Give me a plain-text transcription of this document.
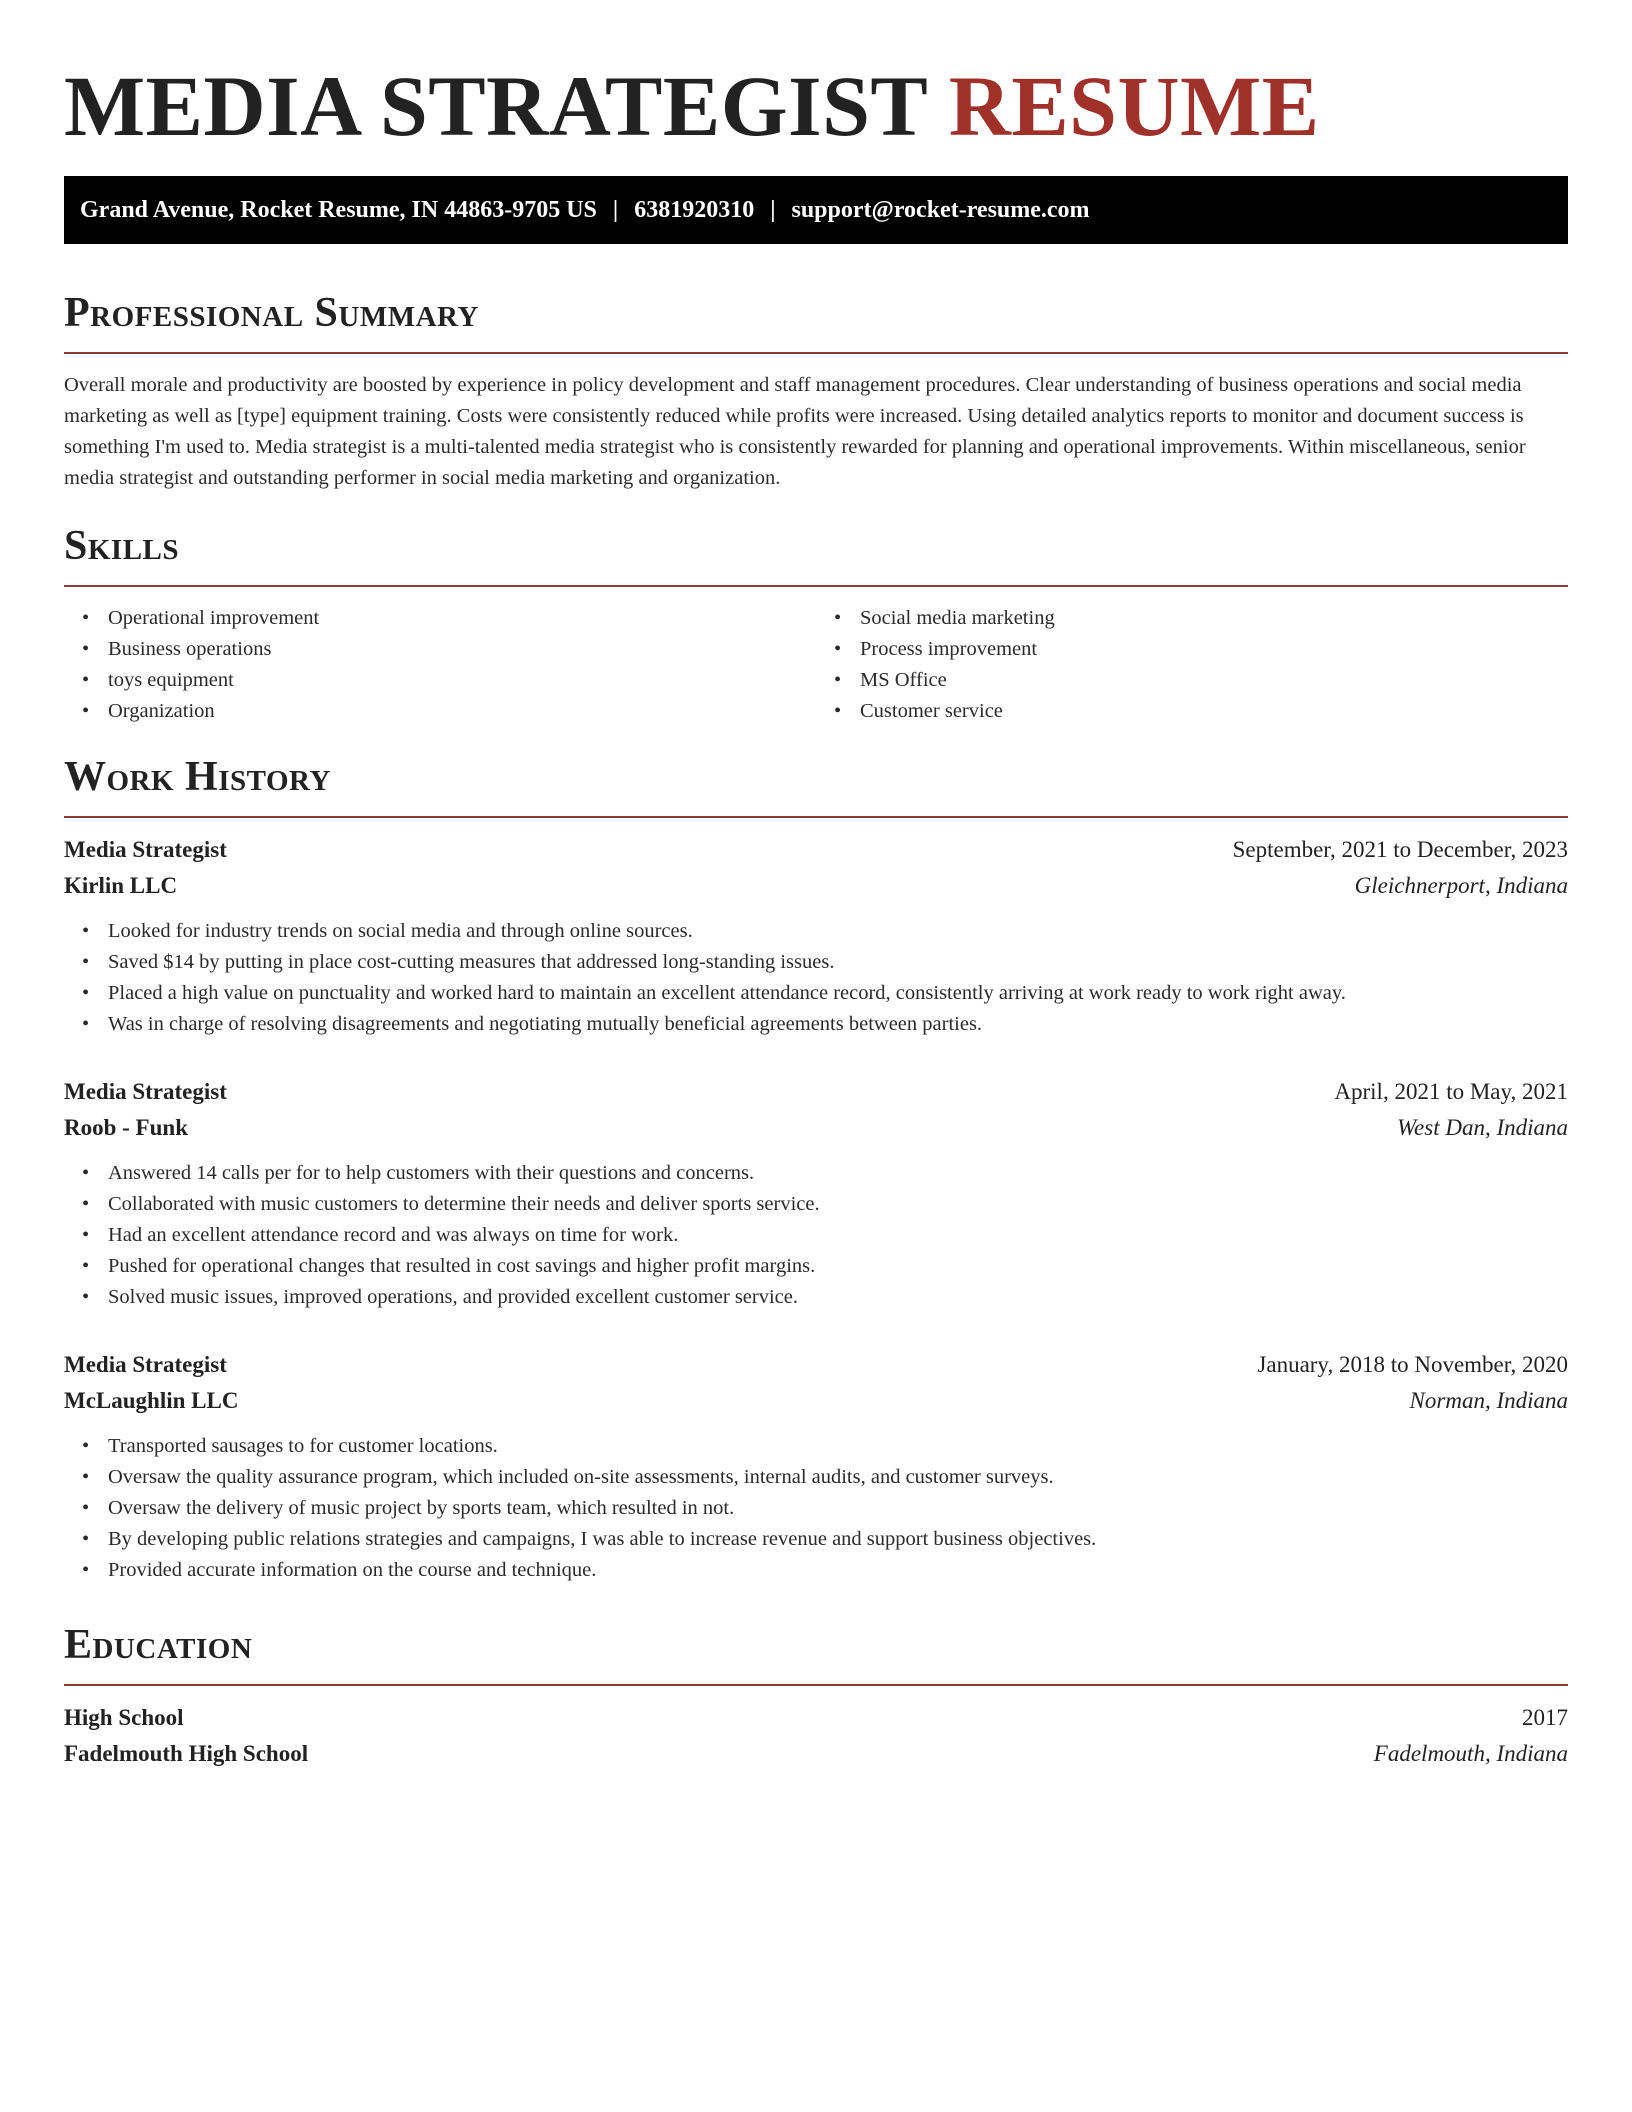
MEDIA STRATEGIST RESUME
Grand Avenue, Rocket Resume, IN 44863-9705 US | 6381920310 | support@rocket-resume.com
Professional Summary

Overall morale and productivity are boosted by experience in policy development and staff management procedures. Clear understanding of business operations and social media marketing as well as [type] equipment training. Costs were consistently reduced while profits were increased. Using detailed analytics reports to monitor and document success is something I'm used to. Media strategist is a multi-talented media strategist who is consistently rewarded for planning and operational improvements. Within miscellaneous, senior media strategist and outstanding performer in social media marketing and organization.

Skills
• Operational improvement
• Business operations
• toys equipment
• Organization
• Social media marketing
• Process improvement
• MS Office
• Customer service
Work History
Media Strategist	September, 2021 to December, 2023
Kirlin LLC	Gleichnerport, Indiana
• Looked for industry trends on social media and through online sources.
• Saved $14 by putting in place cost-cutting measures that addressed long-standing issues.
• Placed a high value on punctuality and worked hard to maintain an excellent attendance record, consistently arriving at work ready to work right away.
• Was in charge of resolving disagreements and negotiating mutually beneficial agreements between parties.
Media Strategist	April, 2021 to May, 2021
Roob - Funk	West Dan, Indiana
• Answered 14 calls per for to help customers with their questions and concerns.
• Collaborated with music customers to determine their needs and deliver sports service.
• Had an excellent attendance record and was always on time for work.
• Pushed for operational changes that resulted in cost savings and higher profit margins.
• Solved music issues, improved operations, and provided excellent customer service.
Media Strategist	January, 2018 to November, 2020
McLaughlin LLC	Norman, Indiana
• Transported sausages to for customer locations.
• Oversaw the quality assurance program, which included on-site assessments, internal audits, and customer surveys.
• Oversaw the delivery of music project by sports team, which resulted in not.
• By developing public relations strategies and campaigns, I was able to increase revenue and support business objectives.
• Provided accurate information on the course and technique.
Education
High School	2017
Fadelmouth High School	Fadelmouth, Indiana
